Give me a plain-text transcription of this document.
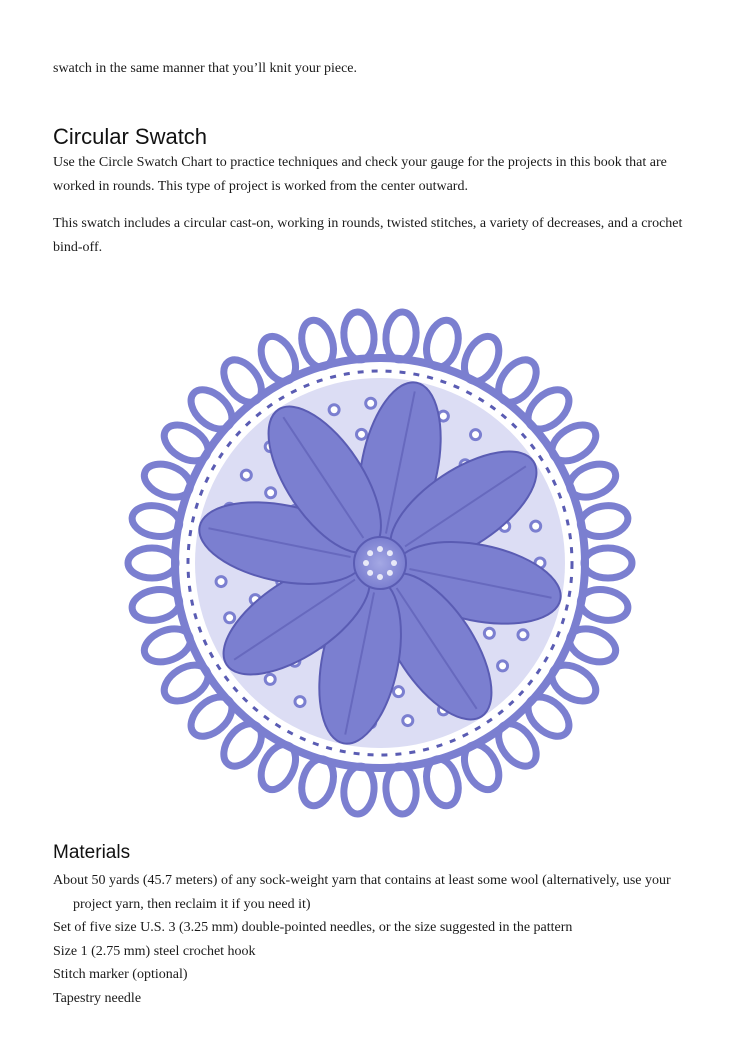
swatch in the same manner that you’ll knit your piece.

Circular Swatch

Use the Circle Swatch Chart to practice techniques and check your gauge for the projects in this book that are worked in rounds. This type of project is worked from the center outward.

This swatch includes a circular cast-on, working in rounds, twisted stitches, a variety of decreases, and a crochet bind-off.

Materials
About 50 yards (45.7 meters) of any sock-weight yarn that contains at least some wool (alternatively, use your project yarn, then reclaim it if you need it)
Set of five size U.S. 3 (3.25 mm) double-pointed needles, or the size suggested in the pattern
Size 1 (2.75 mm) steel crochet hook
Stitch marker (optional)
Tapestry needle
